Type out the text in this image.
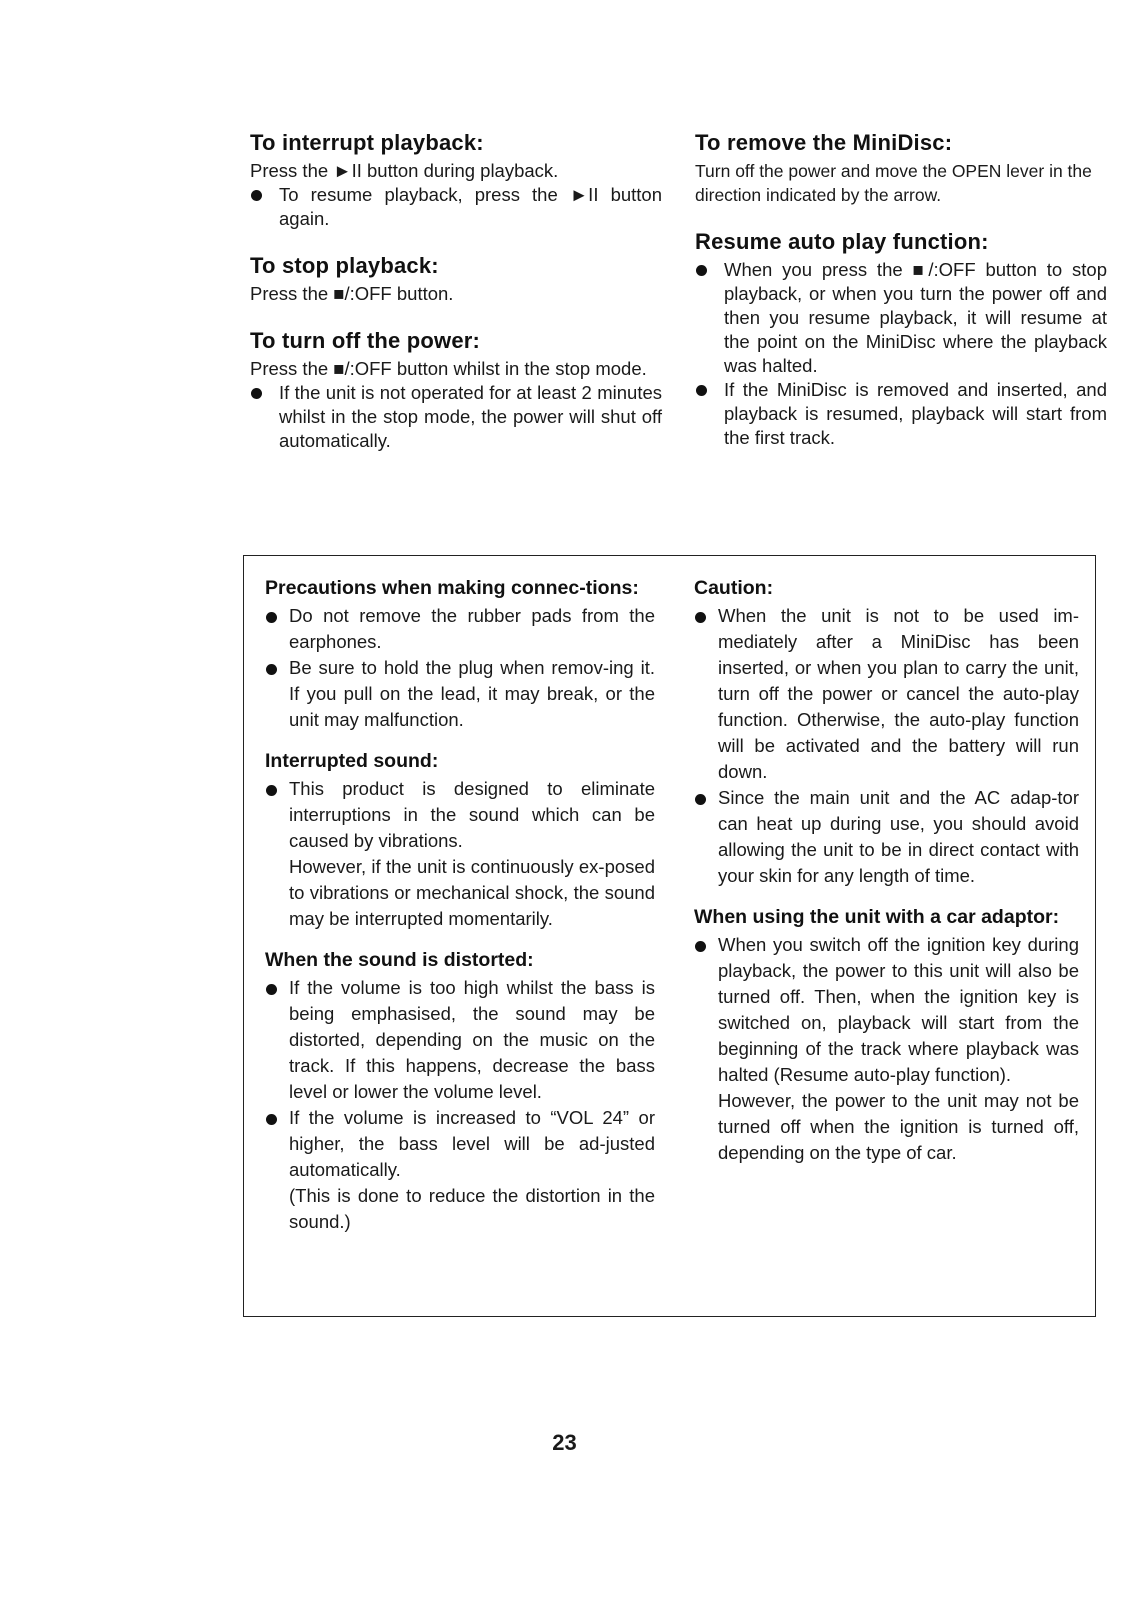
To interrupt playback:

Press the ►II button during playback.

To resume playback, press the ►II button again.
To stop playback:

Press the ■/:OFF button.

To turn off the power:

Press the ■/:OFF button whilst in the stop mode.

If the unit is not operated for at least 2 minutes whilst in the stop mode, the power will shut off automatically.
To remove the MiniDisc:

Turn off the power and move the OPEN lever in the direction indicated by the arrow.

Resume auto play function:
When you press the ■/:OFF button to stop playback, or when you turn the power off and then you resume playback, it will resume at the point on the MiniDisc where the playback was halted.
If the MiniDisc is removed and inserted, and playback is resumed, playback will start from the first track.
Precautions when making connec-tions:
Do not remove the rubber pads from the earphones.
Be sure to hold the plug when remov-ing it. If you pull on the lead, it may break, or the unit may malfunction.
Interrupted sound:
This product is designed to eliminate interruptions in the sound which can be caused by vibrations.
However, if the unit is continuously ex-posed to vibrations or mechanical shock, the sound may be interrupted momentarily.
When the sound is distorted:
If the volume is too high whilst the bass is being emphasised, the sound may be distorted, depending on the music on the track. If this happens, decrease the bass level or lower the volume level.
If the volume is increased to “VOL 24” or higher, the bass level will be ad-justed automatically.
(This is done to reduce the distortion in the sound.)
Caution:
When the unit is not to be used im-mediately after a MiniDisc has been inserted, or when you plan to carry the unit, turn off the power or cancel the auto-play function. Otherwise, the auto-play function will be activated and the battery will run down.
Since the main unit and the AC adap-tor can heat up during use, you should avoid allowing the unit to be in direct contact with your skin for any length of time.
When using the unit with a car adaptor:
When you switch off the ignition key during playback, the power to this unit will also be turned off. Then, when the ignition key is switched on, playback will start from the beginning of the track where playback was halted (Resume auto-play function).
However, the power to the unit may not be turned off when the ignition is turned off, depending on the type of car.
23
